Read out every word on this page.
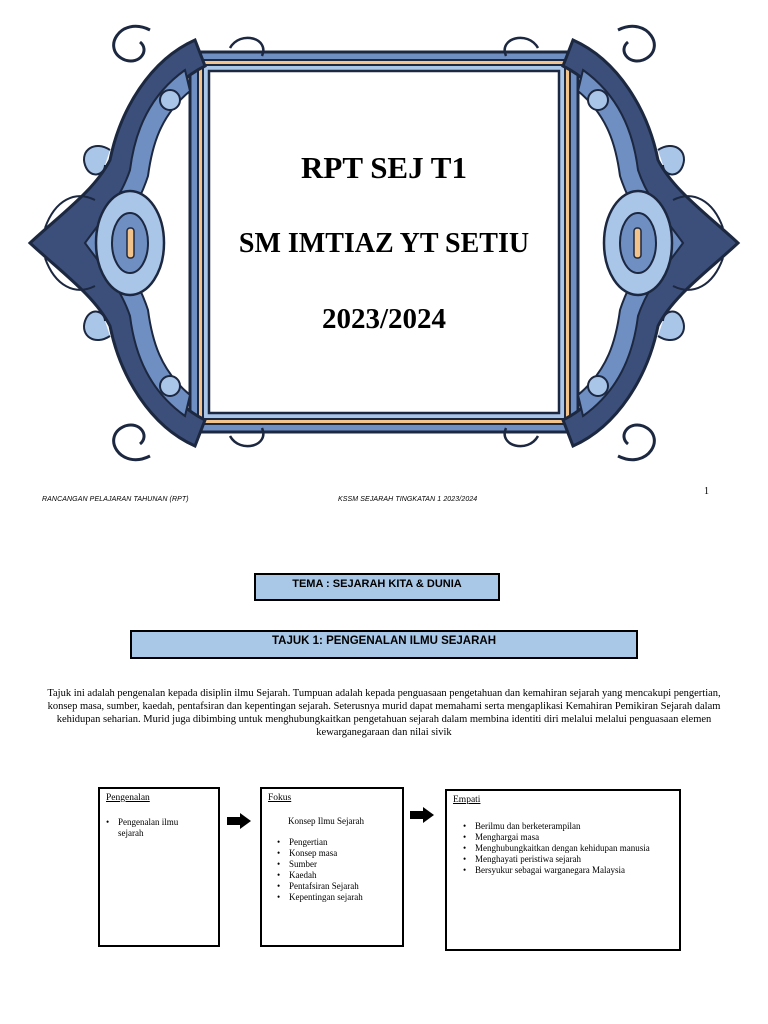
RPT SEJ T1
SM IMTIAZ YT SETIU
2023/2024
RANCANGAN PELAJARAN TAHUNAN (RPT)	KSSM SEJARAH TINGKATAN 1 2023/2024
1
TEMA : SEJARAH KITA & DUNIA
TAJUK 1: PENGENALAN ILMU SEJARAH
Tajuk ini adalah pengenalan kepada disiplin ilmu Sejarah. Tumpuan adalah kepada penguasaan pengetahuan dan kemahiran sejarah yang mencakupi pengertian, konsep masa, sumber, kaedah, pentafsiran dan kepentingan sejarah. Seterusnya murid dapat memahami serta mengaplikasi Kemahiran Pemikiran Sejarah dalam kehidupan seharian. Murid juga dibimbing untuk menghubungkaitkan pengetahuan sejarah dalam membina identiti diri melalui melalui penguasaan elemen kewarganegaraan dan nilai sivik
Pengenalan
• Pengenalan ilmu sejarah
Fokus
Konsep Ilmu Sejarah
• Pengertian
• Konsep masa
• Sumber
• Kaedah
• Pentafsiran Sejarah
• Kepentingan sejarah
Empati
• Berilmu dan berketerampilan
• Menghargai masa
• Menghubungkaitkan dengan kehidupan manusia
• Menghayati peristiwa sejarah
• Bersyukur sebagai warganegara Malaysia
